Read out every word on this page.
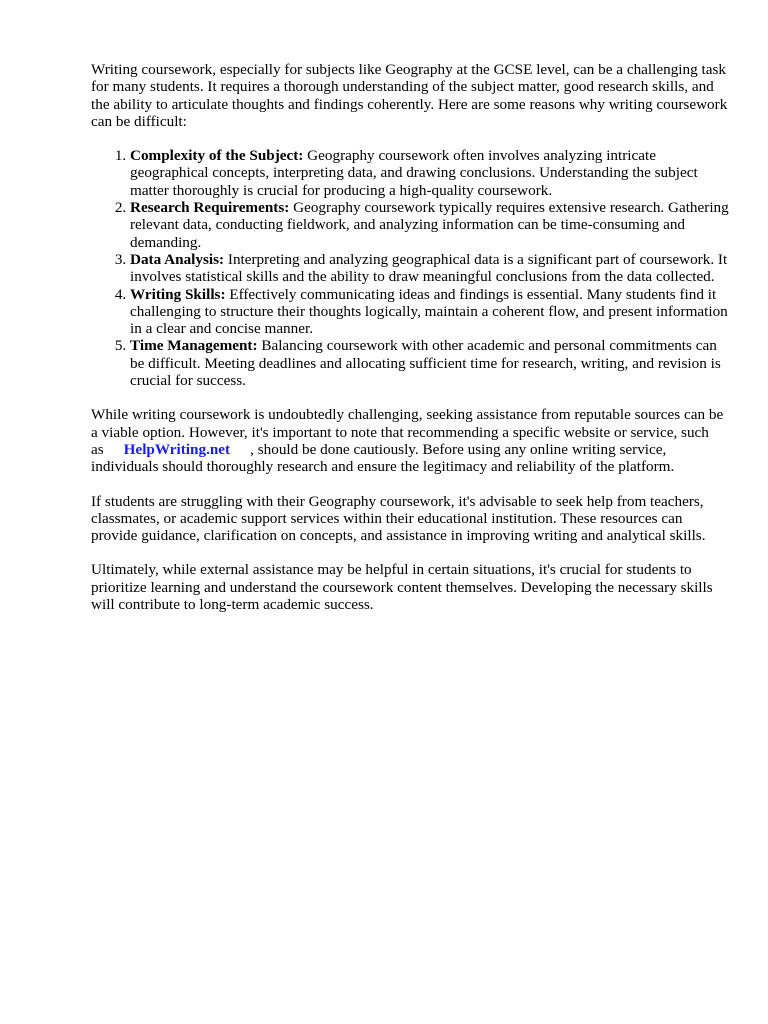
Writing coursework, especially for subjects like Geography at the GCSE level, can be a challenging task for many students. It requires a thorough understanding of the subject matter, good research skills, and the ability to articulate thoughts and findings coherently. Here are some reasons why writing coursework can be difficult:

1. Complexity of the Subject: Geography coursework often involves analyzing intricate geographical concepts, interpreting data, and drawing conclusions. Understanding the subject matter thoroughly is crucial for producing a high-quality coursework.
2. Research Requirements: Geography coursework typically requires extensive research. Gathering relevant data, conducting fieldwork, and analyzing information can be time-consuming and demanding.
3. Data Analysis: Interpreting and analyzing geographical data is a significant part of coursework. It involves statistical skills and the ability to draw meaningful conclusions from the data collected.
4. Writing Skills: Effectively communicating ideas and findings is essential. Many students find it challenging to structure their thoughts logically, maintain a coherent flow, and present information in a clear and concise manner.
5. Time Management: Balancing coursework with other academic and personal commitments can be difficult. Meeting deadlines and allocating sufficient time for research, writing, and revision is crucial for success.

While writing coursework is undoubtedly challenging, seeking assistance from reputable sources can be a viable option. However, it's important to note that recommending a specific website or service, such as HelpWriting.net , should be done cautiously. Before using any online writing service, individuals should thoroughly research and ensure the legitimacy and reliability of the platform.

If students are struggling with their Geography coursework, it's advisable to seek help from teachers, classmates, or academic support services within their educational institution. These resources can provide guidance, clarification on concepts, and assistance in improving writing and analytical skills.

Ultimately, while external assistance may be helpful in certain situations, it's crucial for students to prioritize learning and understand the coursework content themselves. Developing the necessary skills will contribute to long-term academic success.
